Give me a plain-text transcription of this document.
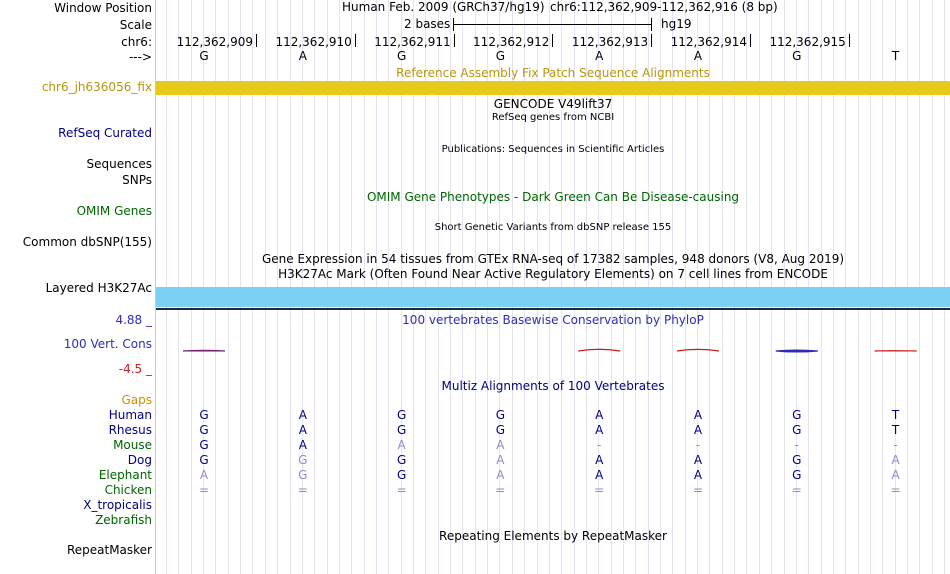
Window Position
Scale
chr6:
--->
Human Feb. 2009 (GRCh37/hg19) chr6:112,362,909-112,362,916 (8 bp)
2 bases	hg19
112,362,909	112,362,910	112,362,911	112,362,912	112,362,913	112,362,914	112,362,915
G	A	G	G	A	A	G	T
Reference Assembly Fix Patch Sequence Alignments
chr6_jh636056_fix
GENCODE V49lift37
RefSeq genes from NCBI
RefSeq Curated
Publications: Sequences in Scientific Articles
Sequences
SNPs
OMIM Gene Phenotypes - Dark Green Can Be Disease-causing
OMIM Genes
Short Genetic Variants from dbSNP release 155
Common dbSNP(155)
Gene Expression in 54 tissues from GTEx RNA-seq of 17382 samples, 948 donors (V8, Aug 2019)
H3K27Ac Mark (Often Found Near Active Regulatory Elements) on 7 cell lines from ENCODE
Layered H3K27Ac
100 vertebrates Basewise Conservation by PhyloP
4.88 _
100 Vert. Cons
-4.5 _
Multiz Alignments of 100 Vertebrates
Gaps
Human	G	A	G	G	A	A	G	T
Rhesus	G	A	G	G	A	A	G	T
Mouse	G	A	A	A	-	-	-	-
Dog	G	G	G	A	A	A	G	A
Elephant	A	G	G	A	A	A	G	A
Chicken	=	=	=	=	=	=	=	=
X_tropicalis
Zebrafish
Repeating Elements by RepeatMasker
RepeatMasker
